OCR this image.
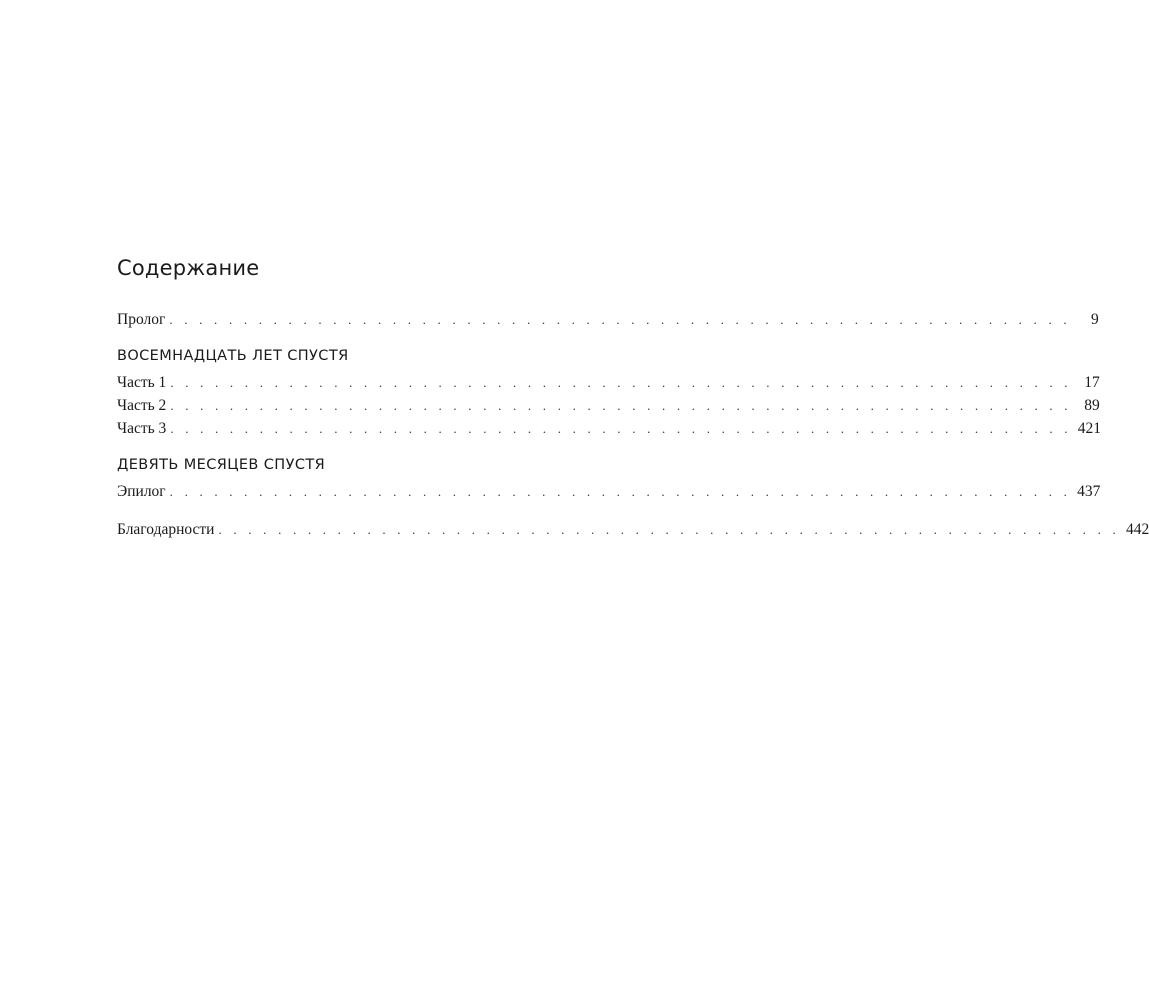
Содержание
Пролог . . . . . . . . . . . . . . . . . . . . . . . . . . . . . . . . . . . . . . . . . . . . . . . . . . . . . . . . . . . . .	9
ВОСЕМНАДЦАТЬ ЛЕТ СПУСТЯ
Часть 1 . . . . . . . . . . . . . . . . . . . . . . . . . . . . . . . . . . . . . . . . . . . . . . . . . . . . . . . . . . . . . 17
Часть 2 . . . . . . . . . . . . . . . . . . . . . . . . . . . . . . . . . . . . . . . . . . . . . . . . . . . . . . . . . . . . . 89
Часть 3 . . . . . . . . . . . . . . . . . . . . . . . . . . . . . . . . . . . . . . . . . . . . . . . . . . . . . . . . . . . . . 421
ДЕВЯТЬ МЕСЯЦЕВ СПУСТЯ
Эпилог . . . . . . . . . . . . . . . . . . . . . . . . . . . . . . . . . . . . . . . . . . . . . . . . . . . . . . . . . . . . . 437
Благодарности . . . . . . . . . . . . . . . . . . . . . . . . . . . . . . . . . . . . . . . . . . . . . . . . . . . . . . . . . . . . . 442
